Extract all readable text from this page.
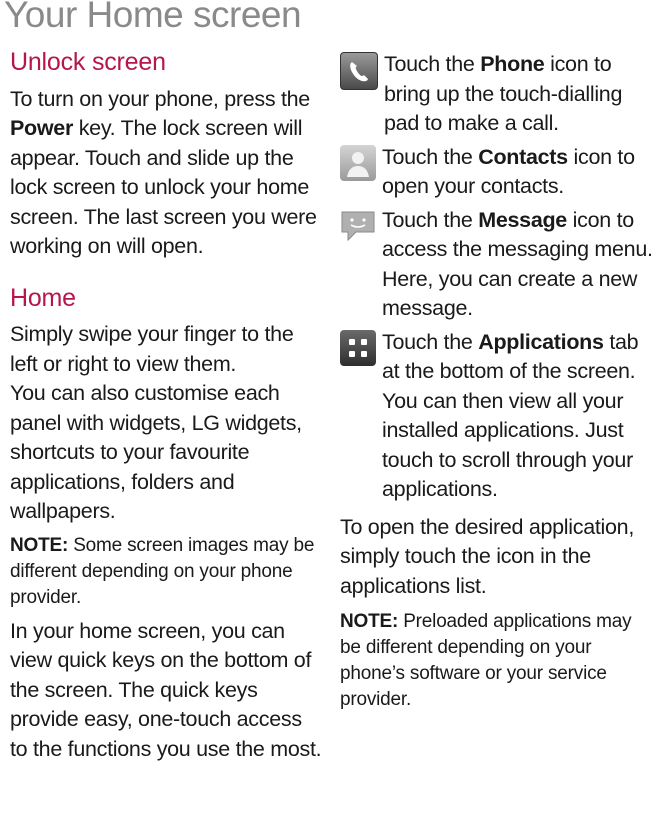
Your Home screen
Unlock screen

To turn on your phone, press the
Power key. The lock screen will appear. Touch and slide up the lock screen to unlock your home screen. The last screen you were working on will open.

Home

Simply swipe your finger to the left or right to view them.

You can also customise each panel with widgets, LG widgets, shortcuts to your favourite applications, folders and wallpapers.

NOTE: Some screen images may be different depending on your phone provider.

In your home screen, you can view quick keys on the bottom of the screen. The quick keys provide easy, one-touch access to the functions you use the most.

Touch the Phone icon to bring up the touch-dialling pad to make a call.

Touch the Contacts icon to open your contacts.

Touch the Message icon to access the messaging menu. Here, you can create a new message.

Touch the Applications tab at the bottom of the screen. You can then view all your installed applications. Just touch to scroll through your applications.

To open the desired application, simply touch the icon in the applications list.

NOTE: Preloaded applications may be different depending on your phone’s software or your service provider.
